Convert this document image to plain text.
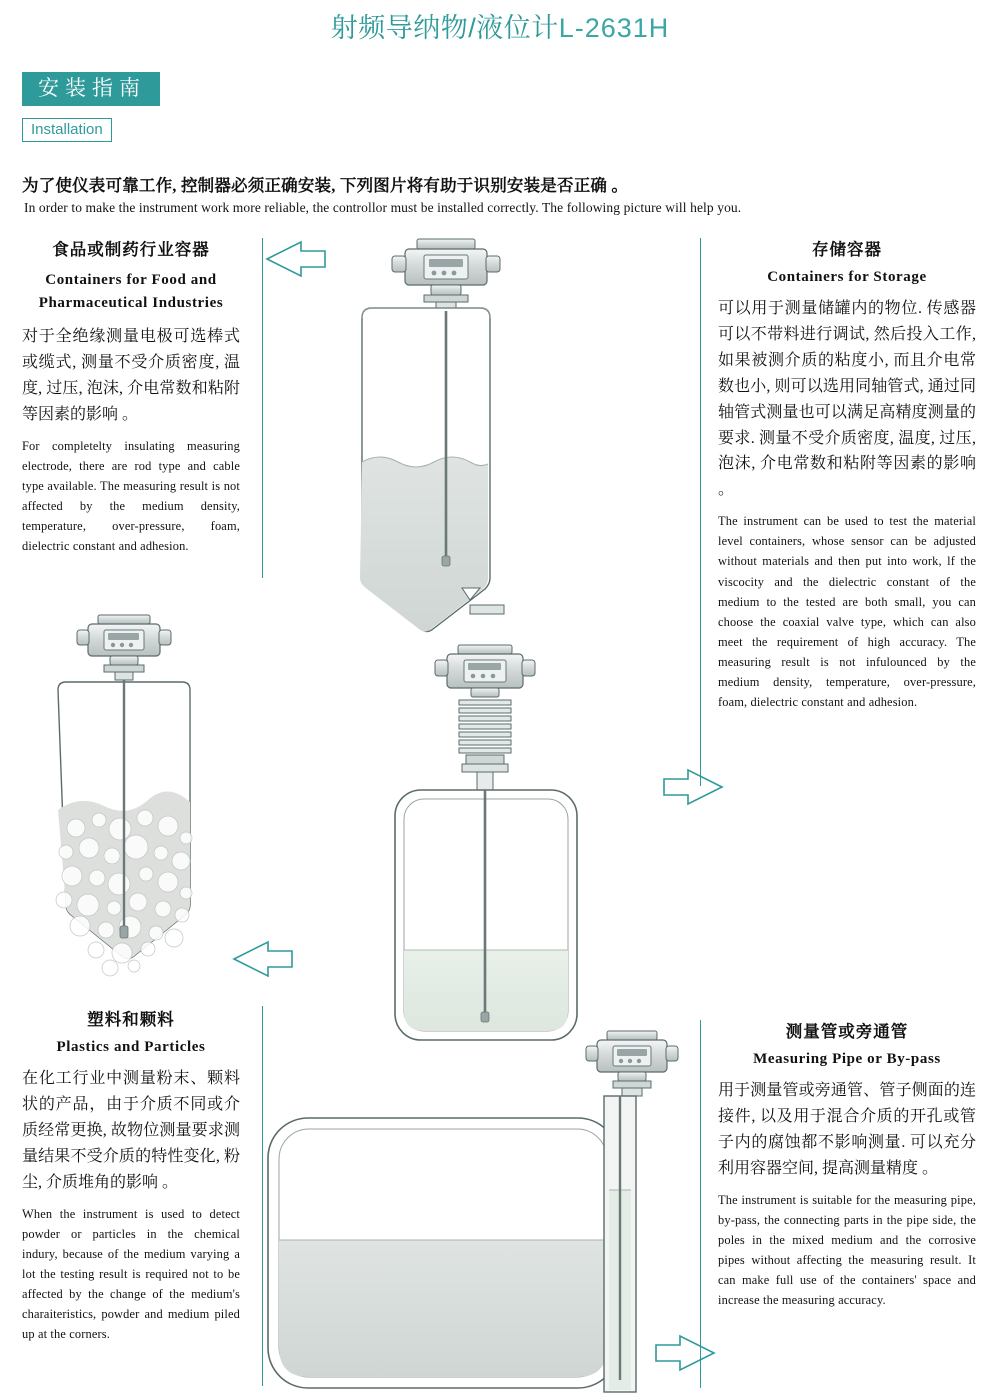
射频导纳物/液位计L-2631H
安装指南
Installation
为了使仪表可靠工作, 控制器必须正确安装, 下列图片将有助于识别安装是否正确 。
In order to make the instrument work more reliable, the controllor must be installed correctly. The following picture will help you.
食品或制药行业容器
Containers for Food and
Pharmaceutical Industries

对于全绝缘测量电极可选棒式或缆式, 测量不受介质密度, 温度, 过压, 泡沫, 介电常数和粘附等因素的影响 。

For completelty insulating measuring electrode, there are rod type and cable type available. The measuring result is not affected by the medium density, temperature, over-pressure, foam, dielectric constant and adhesion.

塑料和颗料
Plastics and Particles

在化工行业中测量粉末、颗料状的产品，由于介质不同或介质经常更换, 故物位测量要求测量结果不受介质的特性变化, 粉尘, 介质堆角的影响 。

When the instrument is used to detect powder or particles in the chemical indury, because of the medium varying a lot the testing result is required not to be affected by the change of the medium's charaiteristics, powder and medium piled up at the corners.

存储容器
Containers for Storage

可以用于测量储罐内的物位. 传感器可以不带料进行调试, 然后投入工作, 如果被测介质的粘度小, 而且介电常数也小, 则可以选用同轴管式, 通过同轴管式测量也可以满足高精度测量的要求. 测量不受介质密度, 温度, 过压, 泡沫, 介电常数和粘附等因素的影响 。

The instrument can be used to test the material level containers, whose sensor can be adjusted without materials and then put into work, lf the viscocity and the dielectric constant of the medium to the tested are both small, you can choose the coaxial valve type, which can also meet the requirement of high accuracy. The measuring result is not infulounced by the medium density, temperature, over-pressure, foam, dielectric constant and adhesion.

测量管或旁通管
Measuring Pipe or By-pass

用于测量管或旁通管、管子侧面的连接件, 以及用于混合介质的开孔或管子内的腐蚀都不影响测量. 可以充分利用容器空间, 提高测量精度 。

The instrument is suitable for the measuring pipe, by-pass, the connecting parts in the pipe side, the poles in the mixed medium and the corrosive pipes without affecting the measuring result. It can make full use of the containers' space and increase the measuring accuracy.
